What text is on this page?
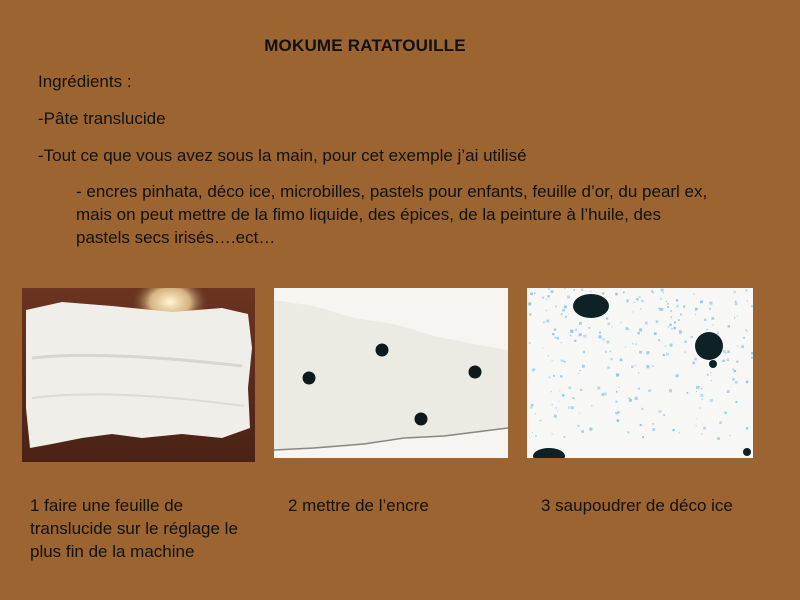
MOKUME RATATOUILLE
Ingrédients :
-Pâte translucide
-Tout ce que vous avez sous la main, pour cet exemple j’ai utilisé
- encres pinhata, déco ice, microbilles, pastels pour enfants, feuille d’or, du pearl ex, mais on peut mettre de la fimo liquide, des épices, de la peinture à l’huile, des pastels secs irisés….ect…
1 faire une feuille de translucide sur le réglage le plus fin de la machine
2 mettre de l’encre	3 saupoudrer de déco ice
